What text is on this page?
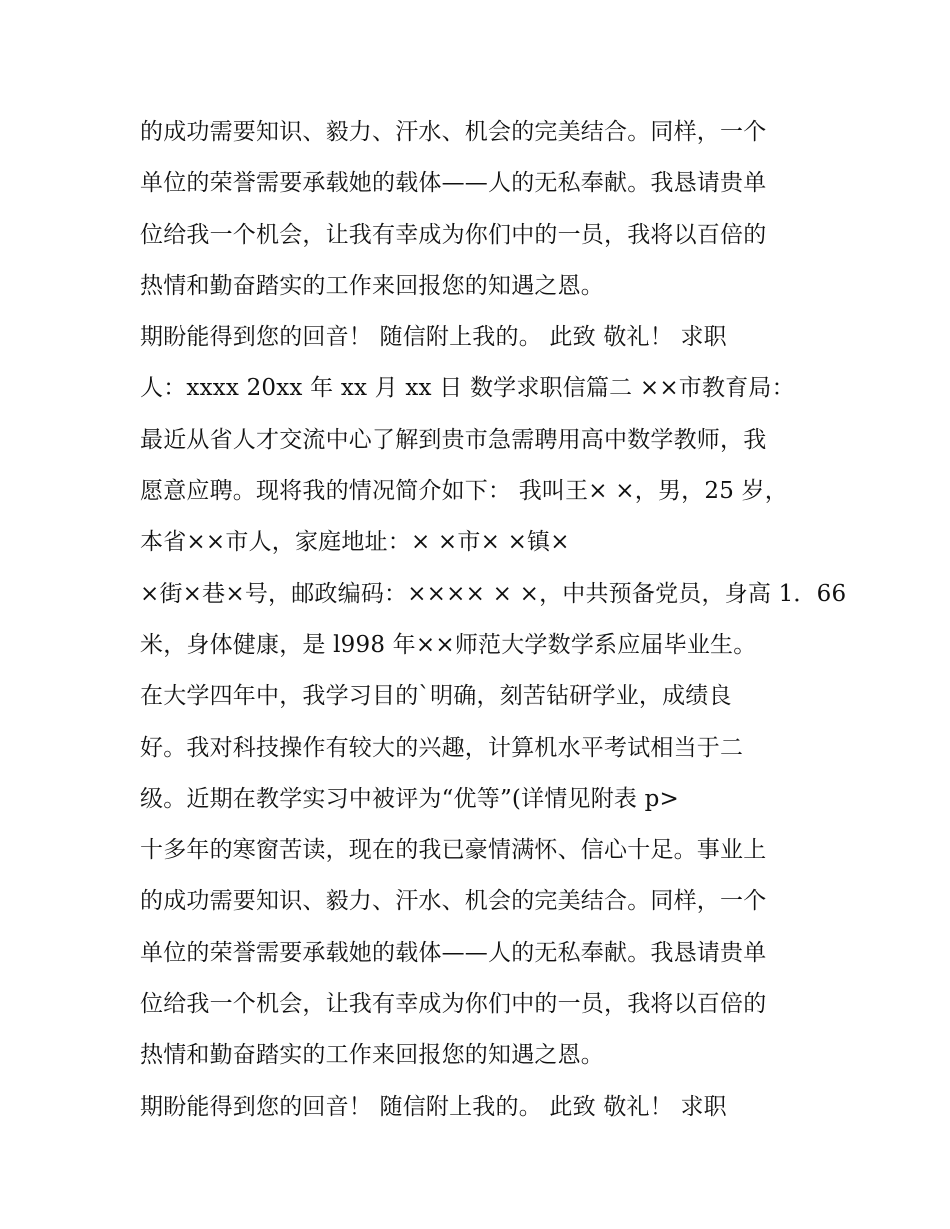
的成功需要知识、毅力、汗水、机会的完美结合。同样，一个
单位的荣誉需要承载她的载体——人的无私奉献。我恳请贵单
位给我一个机会，让我有幸成为你们中的一员，我将以百倍的
热情和勤奋踏实的工作来回报您的知遇之恩。
期盼能得到您的回音！ 随信附上我的。 此致 敬礼！ 求职
人：xxxx 20xx 年 xx 月 xx 日 数学求职信篇二 ××市教育局：
最近从省人才交流中心了解到贵市急需聘用高中数学教师，我
愿意应聘。现将我的情况简介如下： 我叫王× ×，男，25 岁，
本省××市人，家庭地址：× ×市× ×镇×
×街×巷×号，邮政编码：×××× × ×，中共预备党员，身高 1．66
米，身体健康，是 l998 年××师范大学数学系应届毕业生。
在大学四年中，我学习目的`明确，刻苦钻研学业，成绩良
好。我对科技操作有较大的兴趣，计算机水平考试相当于二
级。近期在教学实习中被评为“优等”(详情见附表 p>
十多年的寒窗苦读，现在的我已豪情满怀、信心十足。事业上
的成功需要知识、毅力、汗水、机会的完美结合。同样，一个
单位的荣誉需要承载她的载体——人的无私奉献。我恳请贵单
位给我一个机会，让我有幸成为你们中的一员，我将以百倍的
热情和勤奋踏实的工作来回报您的知遇之恩。
期盼能得到您的回音！ 随信附上我的。 此致 敬礼！ 求职
